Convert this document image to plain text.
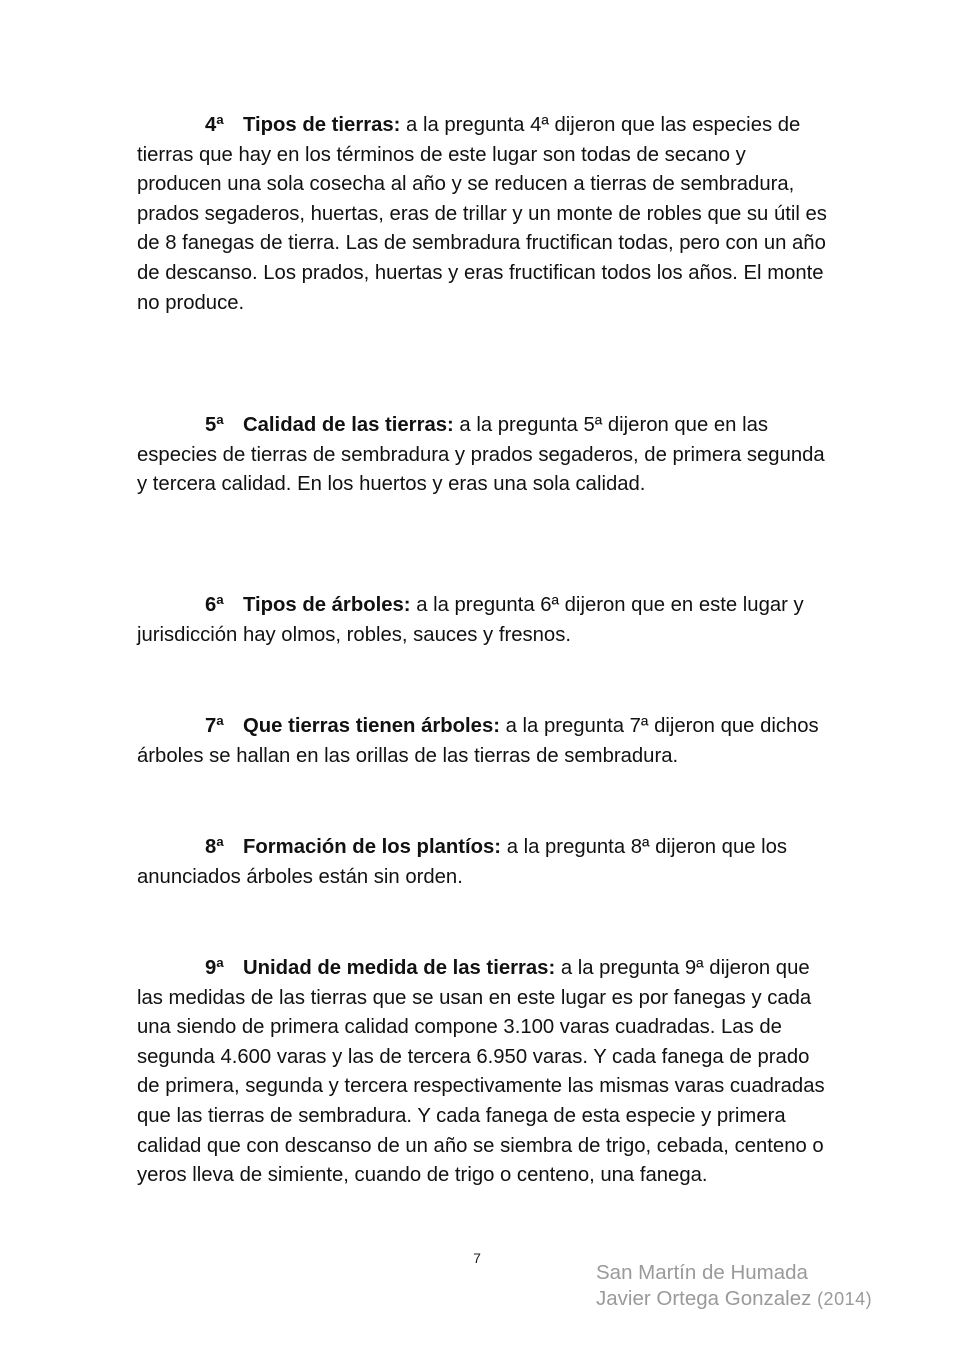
4ª Tipos de tierras: a la pregunta 4ª dijeron que las especies de tierras que hay en los términos de este lugar son todas de secano y producen una sola cosecha al año y se reducen a tierras de sembradura, prados segaderos, huertas, eras de trillar y un monte de robles que su útil es de 8 fanegas de tierra. Las de sembradura fructifican todas, pero con un año de descanso. Los prados, huertas y eras fructifican todos los años. El monte no produce.
5ª Calidad de las tierras: a la pregunta 5ª dijeron que en las especies de tierras de sembradura y prados segaderos, de primera segunda y tercera calidad. En los huertos y eras una sola calidad.
6ª Tipos de árboles: a la pregunta 6ª dijeron que en este lugar y jurisdicción hay olmos, robles, sauces y fresnos.
7ª Que tierras tienen árboles: a la pregunta 7ª dijeron que dichos árboles se hallan en las orillas de las tierras de sembradura.
8ª Formación de los plantíos: a la pregunta 8ª dijeron que los anunciados árboles están sin orden.
9ª Unidad de medida de las tierras: a la pregunta 9ª dijeron que las medidas de las tierras que se usan en este lugar es por fanegas y cada una siendo de primera calidad compone 3.100 varas cuadradas. Las de segunda 4.600 varas y las de tercera 6.950 varas. Y cada fanega de prado de primera, segunda y tercera respectivamente las mismas varas cuadradas que las tierras de sembradura. Y cada fanega de esta especie y primera calidad que con descanso de un año se siembra de trigo, cebada, centeno o yeros lleva de simiente, cuando de trigo o centeno, una fanega.
7
San Martín de Humada
Javier Ortega Gonzalez (2014)
